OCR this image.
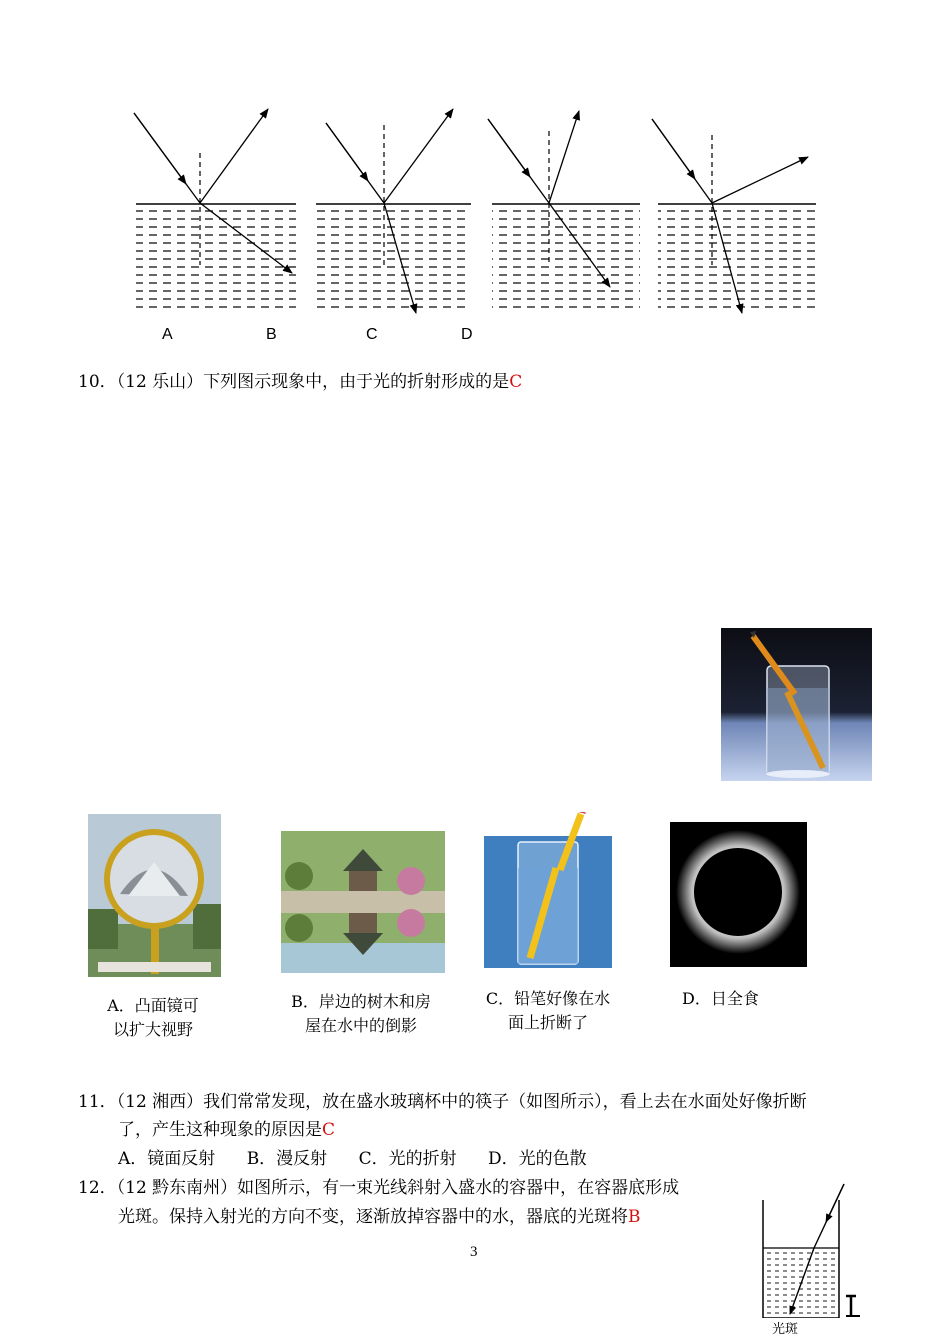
A	B	C	D
10．（12 乐山）下列图示现象中，由于光的折射形成的是C
A．凸面镜可
以扩大视野
B．岸边的树木和房
屋在水中的倒影
C．铅笔好像在水
面上折断了
D．日全食
11．（12 湘西）我们常常发现，放在盛水玻璃杯中的筷子（如图所示），看上去在水面处好像折断
了，产生这种现象的原因是C
A．镜面反射 B．漫反射 C．光的折射 D．光的色散
12．（12 黔东南州）如图所示，有一束光线斜射入盛水的容器中，在容器底形成
光斑。保持入射光的方向不变，逐渐放掉容器中的水，器底的光斑将B
光斑
3
